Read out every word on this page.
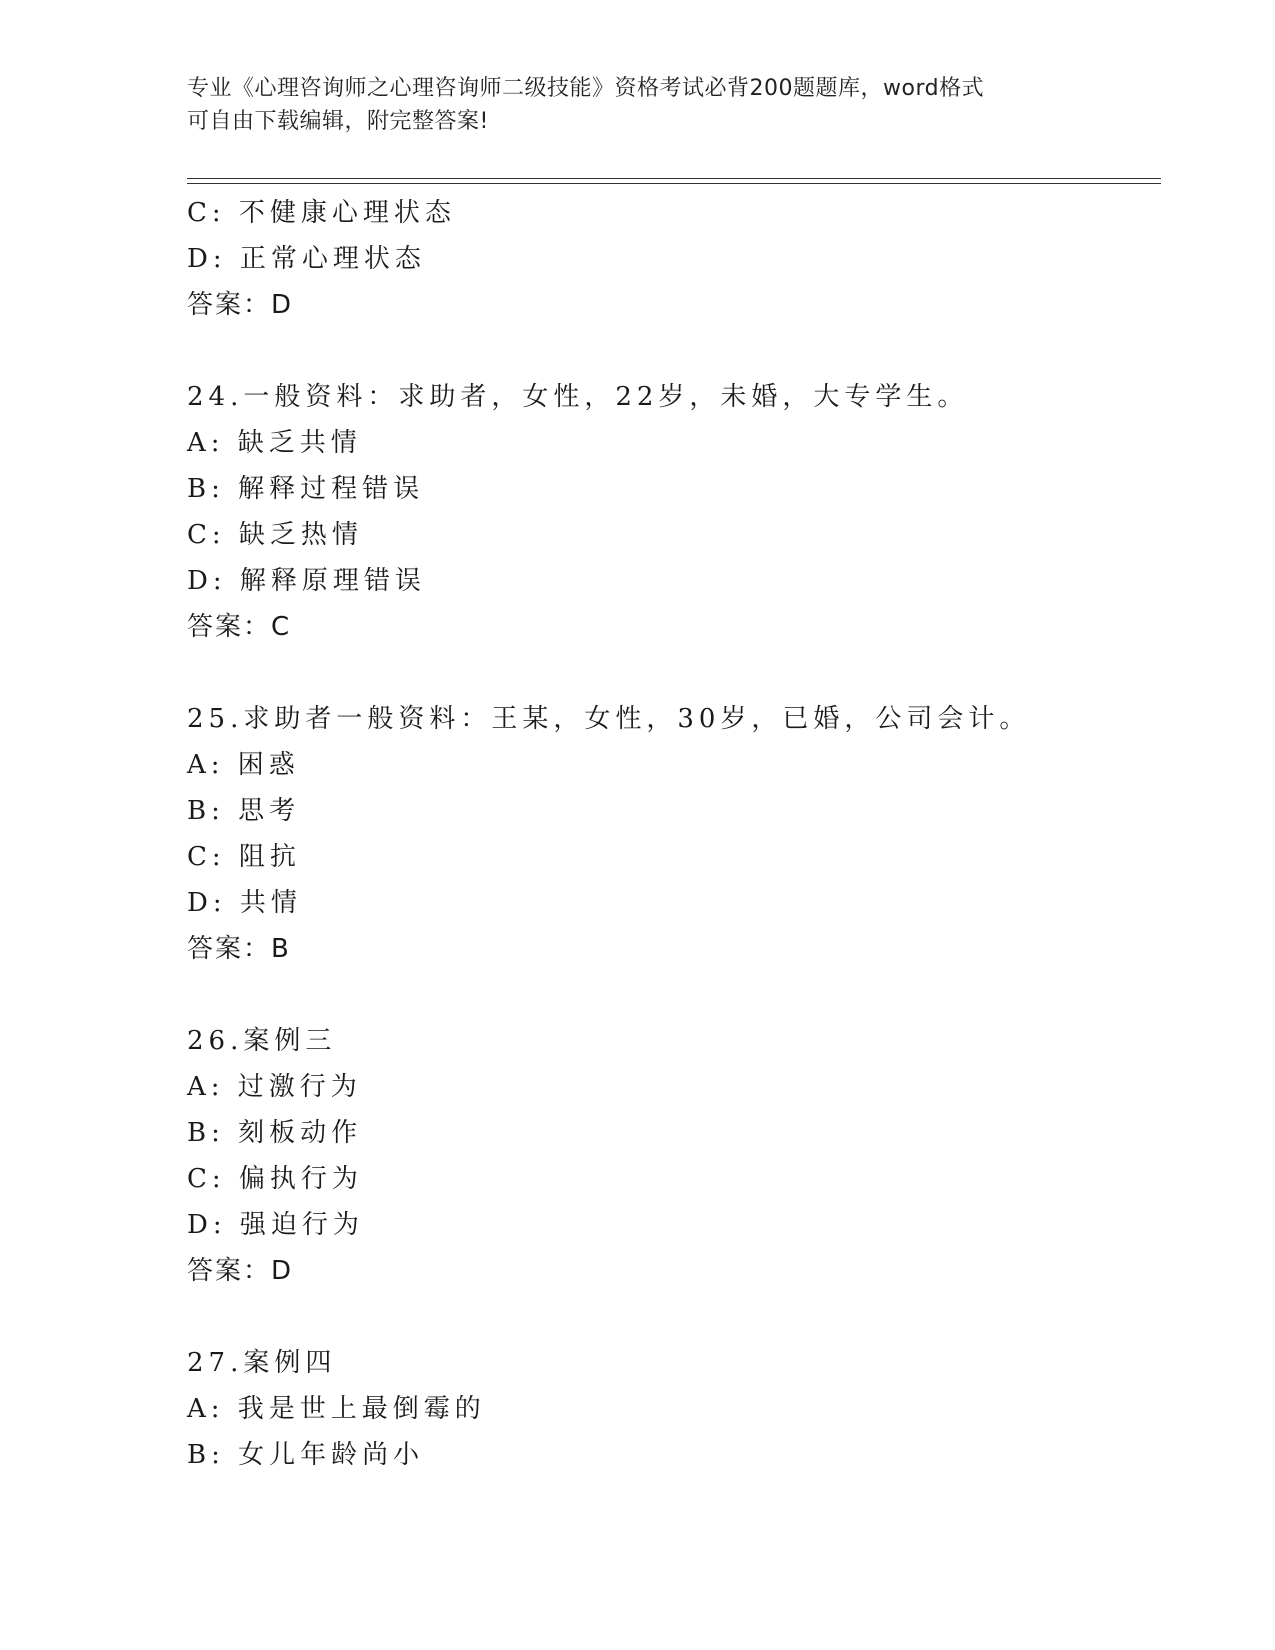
专业《心理咨询师之心理咨询师二级技能》资格考试必背200题题库，word格式
可自由下载编辑，附完整答案!
C: 不健康心理状态
D: 正常心理状态
答案：D
24.一般资料：求助者，女性，22岁，未婚，大专学生。
A: 缺乏共情
B: 解释过程错误
C: 缺乏热情
D: 解释原理错误
答案：C
25.求助者一般资料：王某，女性，30岁，已婚，公司会计。
A: 困惑
B: 思考
C: 阻抗
D: 共情
答案：B
26.案例三
A: 过激行为
B: 刻板动作
C: 偏执行为
D: 强迫行为
答案：D
27.案例四
A: 我是世上最倒霉的
B: 女儿年龄尚小
